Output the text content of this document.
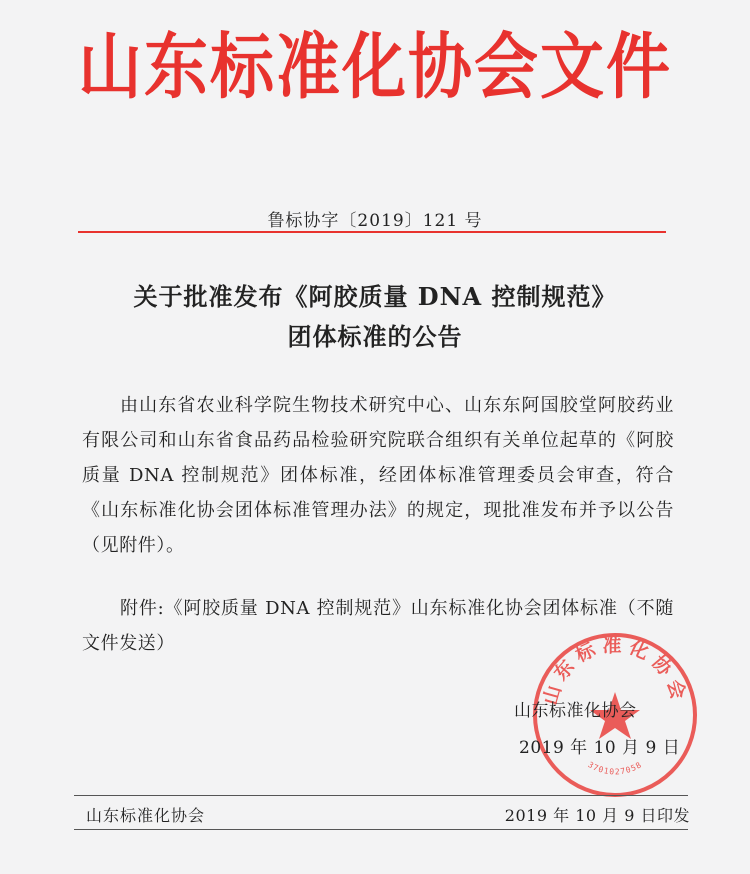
山东标准化协会文件
鲁标协字〔2019〕121 号
关于批准发布《阿胶质量 DNA 控制规范》
团体标准的公告

由山东省农业科学院生物技术研究中心、山东东阿国胶堂阿胶药业有限公司和山东省食品药品检验研究院联合组织有关单位起草的《阿胶质量 DNA 控制规范》团体标准，经团体标准管理委员会审查，符合《山东标准化协会团体标准管理办法》的规定，现批准发布并予以公告（见附件）。

附件:《阿胶质量 DNA 控制规范》山东标准化协会团体标准（不随文件发送）

山东标准化协会
3701027058
山东标准化协会
2019 年 10 月 9 日
山东标准化协会	2019 年 10 月 9 日印发
